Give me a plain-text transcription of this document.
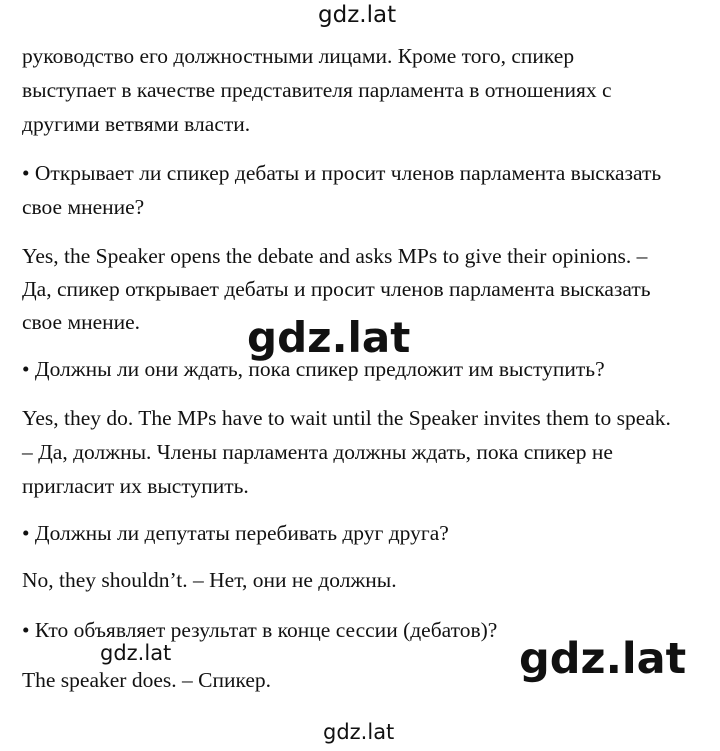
gdz.lat
gdz.lat
gdz.lat	gdz.lat
gdz.lat
руководство его должностными лицами. Кроме того, спикер
выступает в качестве представителя парламента в отношениях с
другими ветвями власти.
• Открывает ли спикер дебаты и просит членов парламента высказать
свое мнение?
Yes, the Speaker opens the debate and asks MPs to give their opinions. –
Да, спикер открывает дебаты и просит членов парламента высказать
свое мнение.
• Должны ли они ждать, пока спикер предложит им выступить?
Yes, they do. The MPs have to wait until the Speaker invites them to speak.
– Да, должны. Члены парламента должны ждать, пока спикер не
пригласит их выступить.
• Должны ли депутаты перебивать друг друга?
No, they shouldn’t. – Нет, они не должны.
• Кто объявляет результат в конце сессии (дебатов)?
The speaker does. – Спикер.
